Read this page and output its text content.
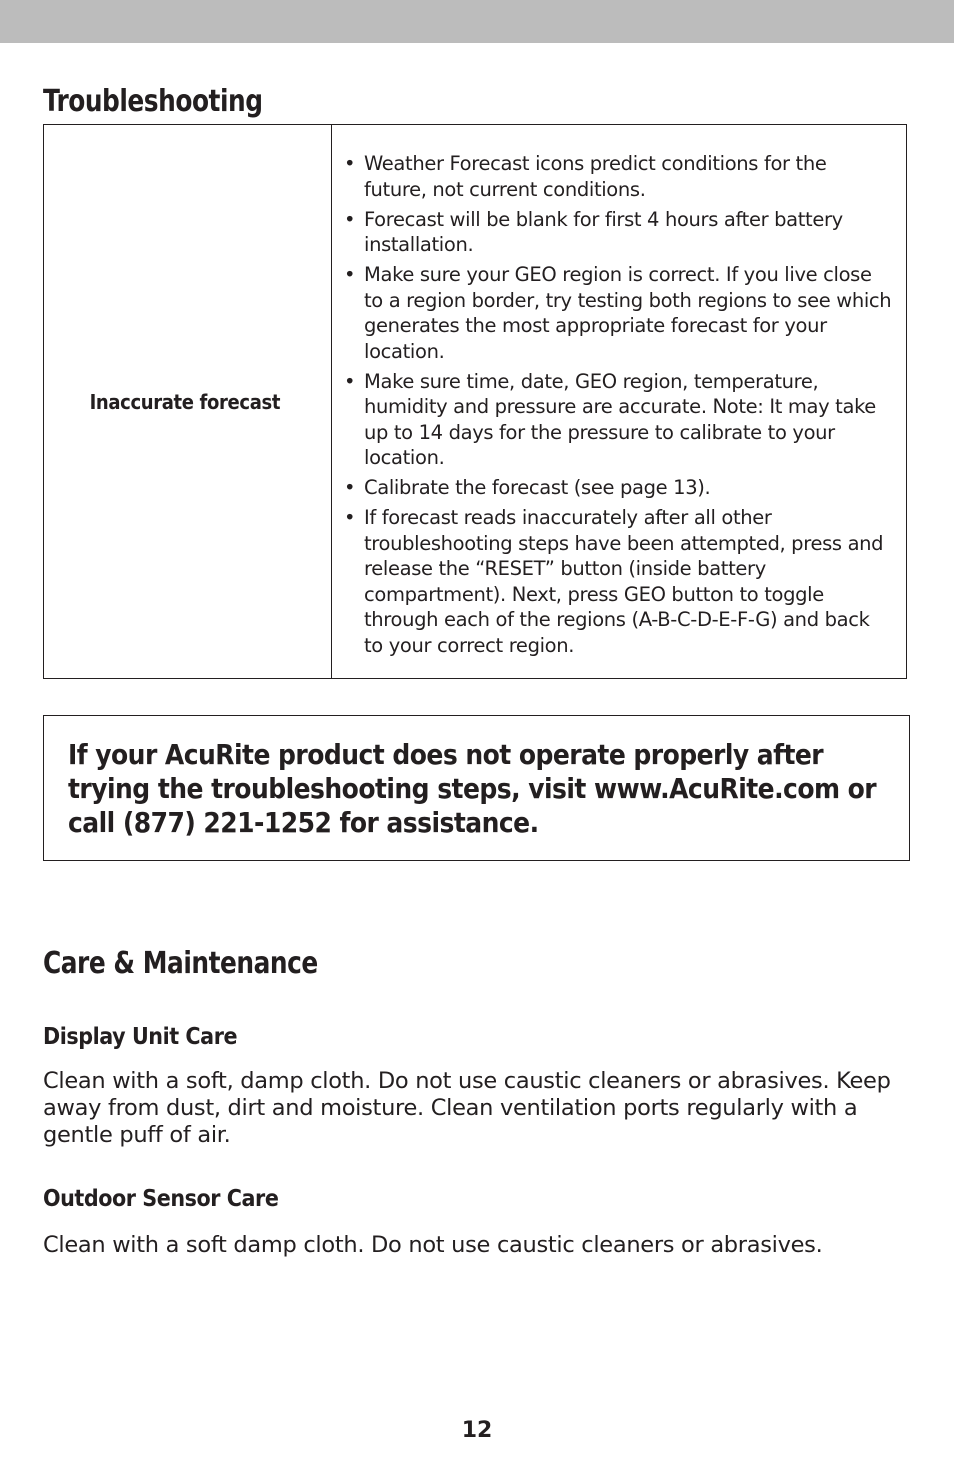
Troubleshooting
Inaccurate forecast
• Weather Forecast icons predict conditions for the future, not current conditions.
• Forecast will be blank for first 4 hours after battery installation.
• Make sure your GEO region is correct. If you live close to a region border, try testing both regions to see which generates the most appropriate forecast for your location.
• Make sure time, date, GEO region, temperature, humidity and pressure are accurate. Note: It may take up to 14 days for the pressure to calibrate to your location.
• Calibrate the forecast (see page 13).
• If forecast reads inaccurately after all other troubleshooting steps have been attempted, press and release the “RESET” button (inside battery compartment). Next, press GEO button to toggle through each of the regions (A-B-C-D-E-F-G) and back to your correct region.

If your AcuRite product does not operate properly after trying the troubleshooting steps, visit www.AcuRite.com or call (877) 221-1252 for assistance.

Care & Maintenance
Display Unit Care

Clean with a soft, damp cloth. Do not use caustic cleaners or abrasives. Keep away from dust, dirt and moisture. Clean ventilation ports regularly with a gentle puff of air.

Outdoor Sensor Care

Clean with a soft damp cloth. Do not use caustic cleaners or abrasives.

12
